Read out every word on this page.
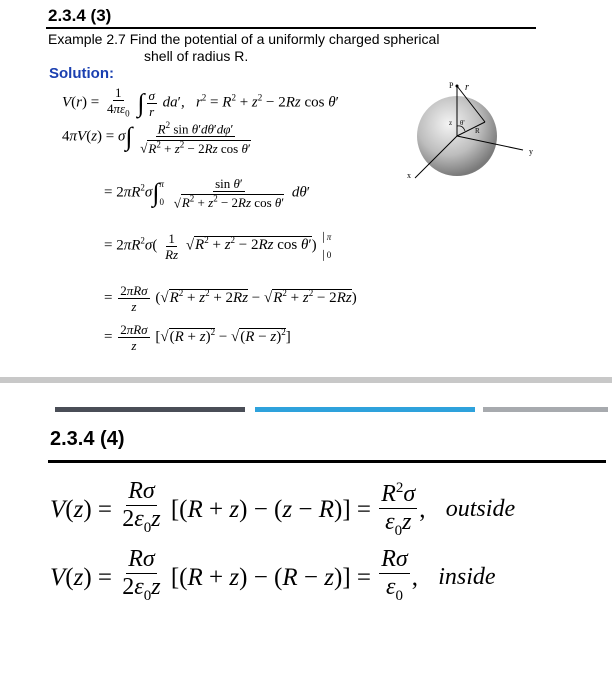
2.3.4 (3)
Example 2.7 Find the potential of a uniformly charged spherical
shell of radius R.
Solution:
$V(r) = \frac{1}{4\pi\varepsilon_0}$ ∫ $\frac{\sigma}{r} da'$,   $r^2 = R^2 + z^2 - 2Rz$ cos θ′
$4\pi V(z) = \sigma\int \frac{R^2 \sin \theta'd\theta'd\varphi'}{√R^2 + z^2 - 2Rz \cos \theta'}$
= $2\pi R^2\sigma\int$ π
0
$\frac{\text{sin θ′}}{√R^2 + z^2 - 2Rz \cos \theta'} d\theta'$
= $2\pi R^2\sigma( \frac{1}{Rz} √R^2 + z^2 - 2Rz$ cos θ′)
│π
│0
= $\frac{\text{2πRσ}}{z} (√R^2 + z^2 + 2Rz - √R^2 + z^2 - 2Rz)$
= $\frac{\text{2πRσ}}{z} [√(R + z)^2 - √(R - z)^2]$
P r
z θ'
R
y
x
2.3.4 (4)
$V(z) = \frac{R\sigma}{2\varepsilon_0z} [(R + z) - (z - R)] = \frac{R^2\sigma}{\varepsilon_0z}$ , outside
$V(z) = \frac{R\sigma}{2\varepsilon_0z} [(R + z) - (R - z)] = \frac{R\sigma}{\varepsilon_0}$ , inside
